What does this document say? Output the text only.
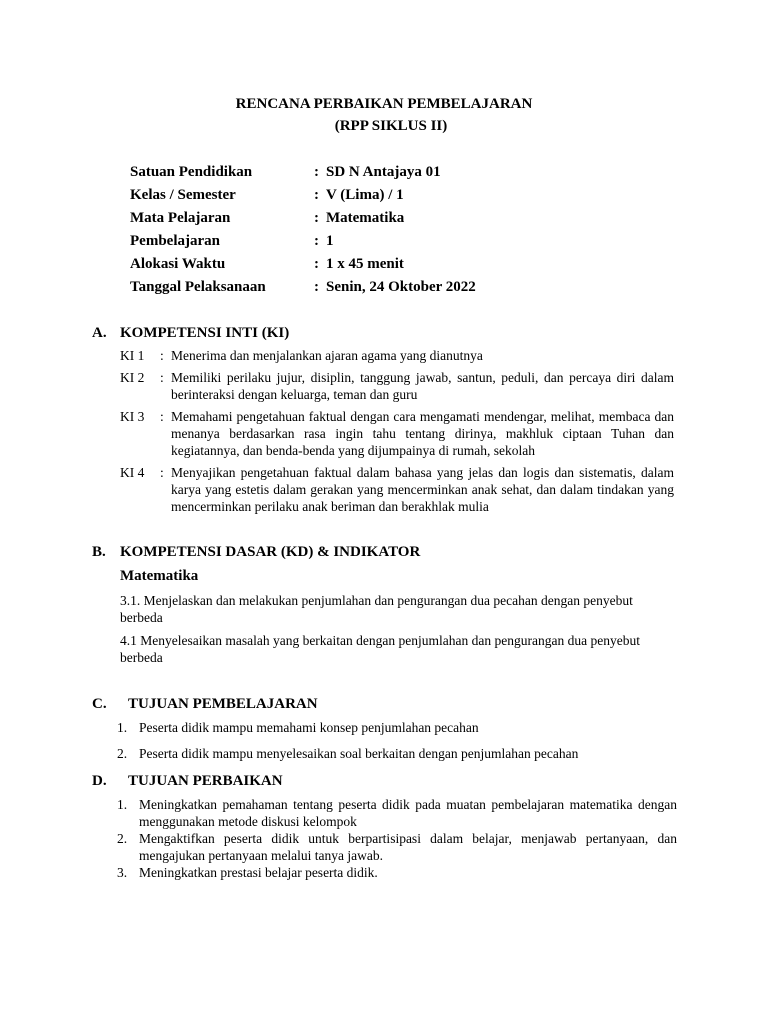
RENCANA PERBAIKAN PEMBELAJARAN
(RPP SIKLUS II)
Satuan Pendidikan	: SD N Antajaya 01
Kelas / Semester	: V (Lima) / 1
Mata Pelajaran	: Matematika
Pembelajaran	: 1
Alokasi Waktu	: 1 x 45 menit
Tanggal Pelaksanaan	: Senin, 24 Oktober 2022
A. KOMPETENSI INTI (KI)
KI 1	: Menerima dan menjalankan ajaran agama yang dianutnya
KI 2	: Memiliki perilaku jujur, disiplin, tanggung jawab, santun, peduli, dan percaya diri dalam berinteraksi dengan keluarga, teman dan guru
KI 3	: Memahami pengetahuan faktual dengan cara mengamati mendengar, melihat, membaca dan menanya berdasarkan rasa ingin tahu tentang dirinya, makhluk ciptaan Tuhan dan kegiatannya, dan benda-benda yang dijumpainya di rumah, sekolah
KI 4	: Menyajikan pengetahuan faktual dalam bahasa yang jelas dan logis dan sistematis, dalam karya yang estetis dalam gerakan yang mencerminkan anak sehat, dan dalam tindakan yang mencerminkan perilaku anak beriman dan berakhlak mulia
B. KOMPETENSI DASAR (KD) & INDIKATOR
Matematika
3.1. Menjelaskan dan melakukan penjumlahan dan pengurangan dua pecahan dengan penyebut berbeda
4.1 Menyelesaikan masalah yang berkaitan dengan penjumlahan dan pengurangan dua penyebut berbeda
C.	TUJUAN PEMBELAJARAN
1. Peserta didik mampu memahami konsep penjumlahan pecahan
2. Peserta didik mampu menyelesaikan soal berkaitan dengan penjumlahan pecahan
D.	TUJUAN PERBAIKAN
1. Meningkatkan pemahaman tentang peserta didik pada muatan pembelajaran matematika dengan menggunakan metode diskusi kelompok
2. Mengaktifkan peserta didik untuk berpartisipasi dalam belajar, menjawab pertanyaan, dan mengajukan pertanyaan melalui tanya jawab.
3. Meningkatkan prestasi belajar peserta didik.
